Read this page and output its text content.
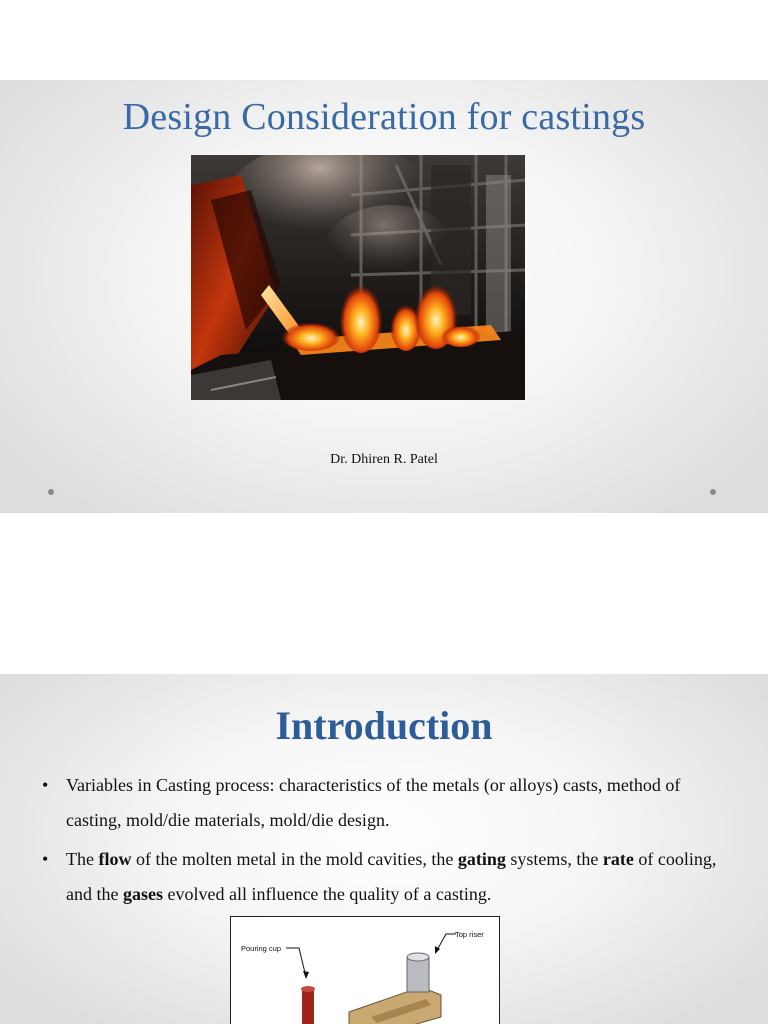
Design Consideration for castings
Dr. Dhiren R. Patel
Introduction
• Variables in Casting process: characteristics of the metals (or alloys) casts, method of casting, mold/die materials, mold/die design.
• The flow of the molten metal in the mold cavities, the gating systems, the rate of cooling, and the gases evolved all influence the quality of a casting.
Pouring cup
Top riser
